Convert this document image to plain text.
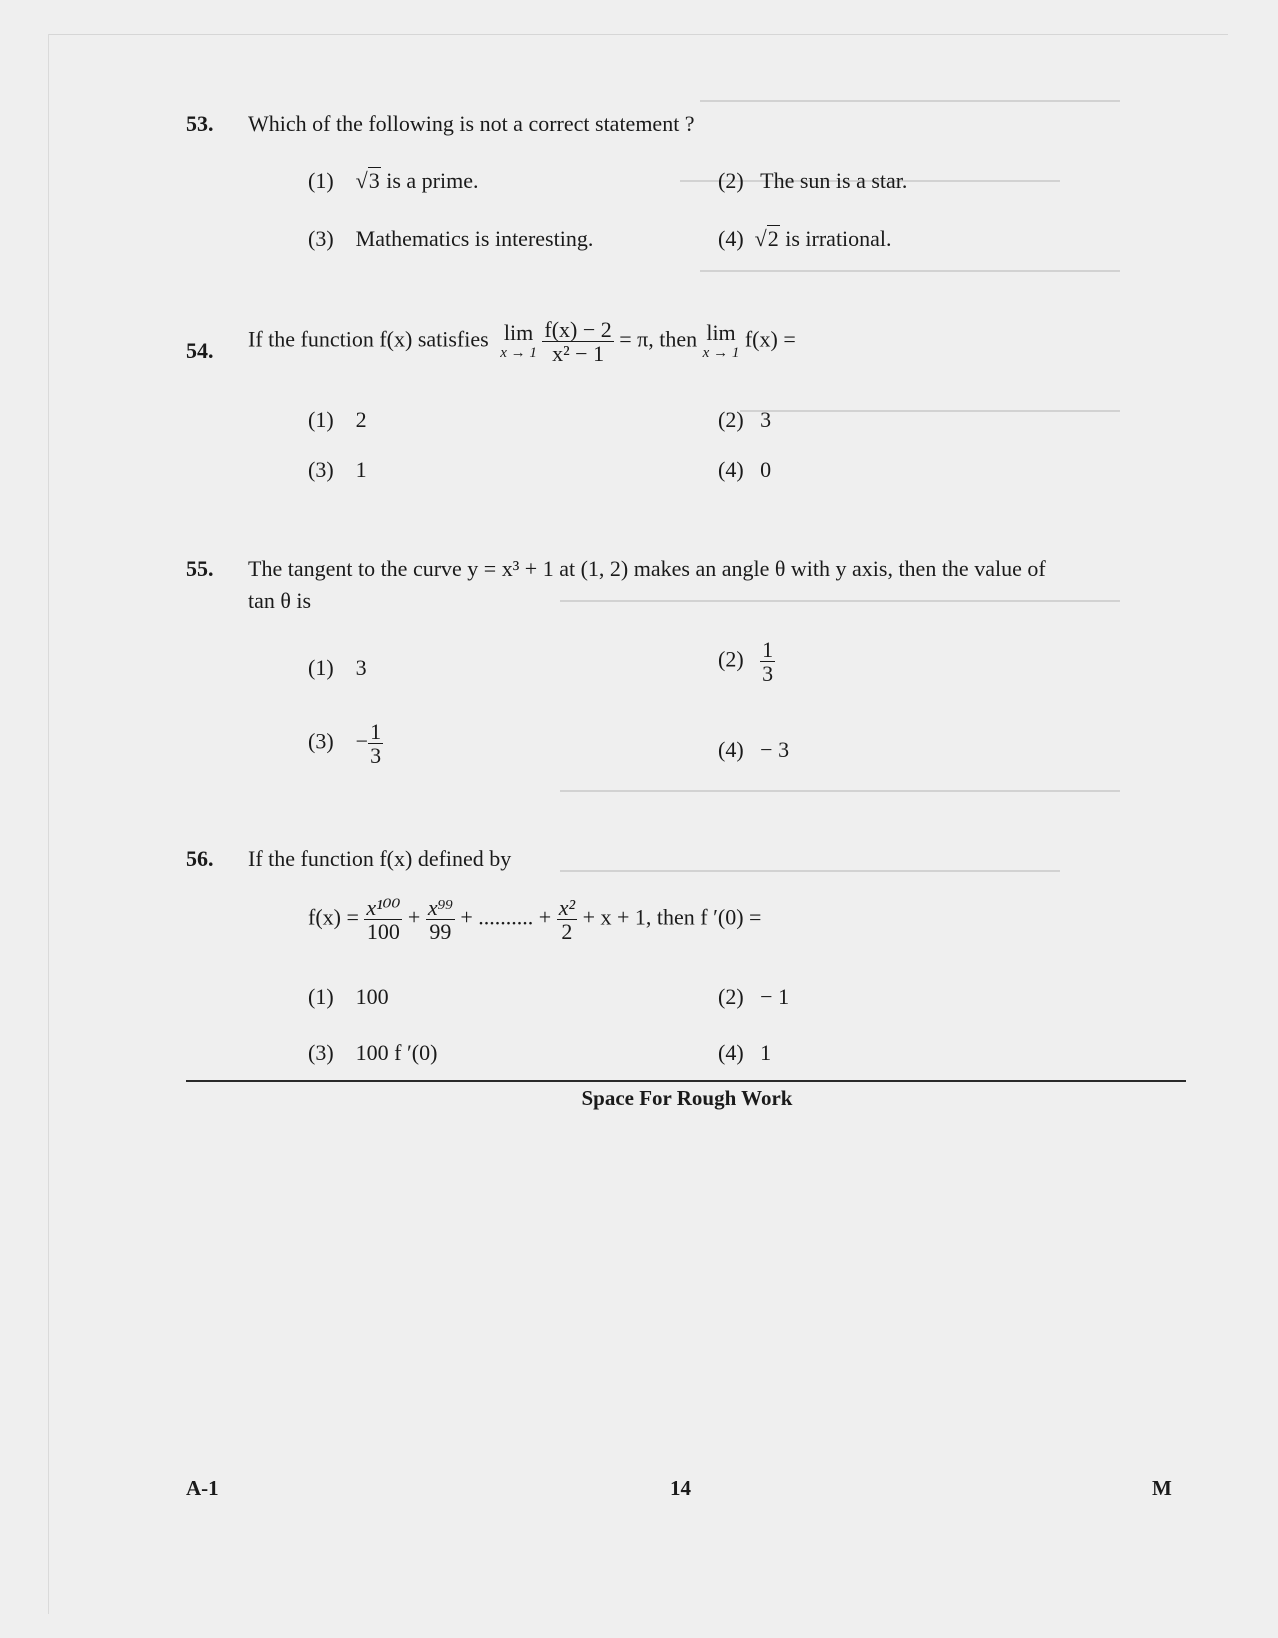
53. Which of the following is not a correct statement ?
(1) √3 is a prime.	(2) The sun is a star.
(3) Mathematics is interesting.	(4) √2 is irrational.
54. If the function f(x) satisfies lim
x → 1
$\frac{f(x) - 2}{\text{x² − 1}} = \pi$, then lim
x → 1
f(x) =
(1) 2	(2) 3
(3) 1	(4) 0
55. The tangent to the curve y = x³ + 1 at (1, 2) makes an angle θ with y axis, then the value of
tan θ is
(1) 3	$(2) \frac{1}{3}$
$(3) - \frac{1}{3}$	(4) − 3
56. If the function f(x) defined by
$f(x) = \frac{\text{x¹⁰⁰}}{100} + \frac{\text{x⁹⁹}}{99}$ + .......... + $\frac{\text{x²}}{2} + x + 1$, then f ′(0) =
(1) 100	(2) − 1
(3) 100 f ′(0)	(4) 1
Space For Rough Work
A-1	14	M
